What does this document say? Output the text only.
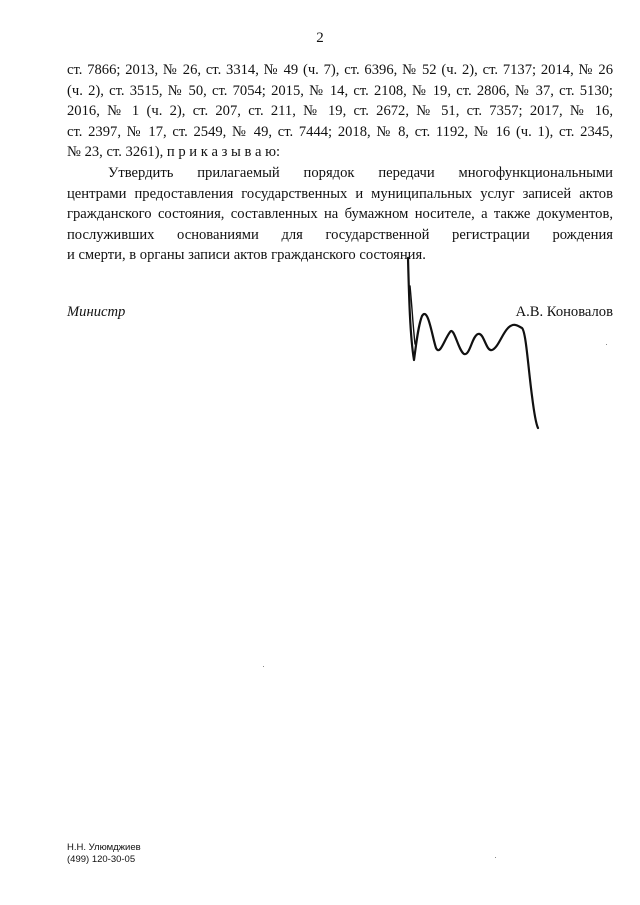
2
ст. 7866; 2013, № 26, ст. 3314, № 49 (ч. 7), ст. 6396, № 52 (ч. 2), ст. 7137; 2014, № 26
(ч. 2), ст. 3515, № 50, ст. 7054; 2015, № 14, ст. 2108, № 19, ст. 2806, № 37, ст. 5130;
2016, № 1 (ч. 2), ст. 207, ст. 211, № 19, ст. 2672, № 51, ст. 7357; 2017, № 16,
ст. 2397, № 17, ст. 2549, № 49, ст. 7444; 2018, № 8, ст. 1192, № 16 (ч. 1), ст. 2345,
№ 23, ст. 3261), п р и к а з ы в а ю:
Утвердить прилагаемый порядок передачи многофункциональными
центрами предоставления государственных и муниципальных услуг записей актов
гражданского состояния, составленных на бумажном носителе, а также документов,
послуживших основаниями для государственной регистрации рождения
и смерти, в органы записи актов гражданского состояния.
Министр	А.В. Коновалов
Н.Н. Улюмджиев
(499) 120-30-05
